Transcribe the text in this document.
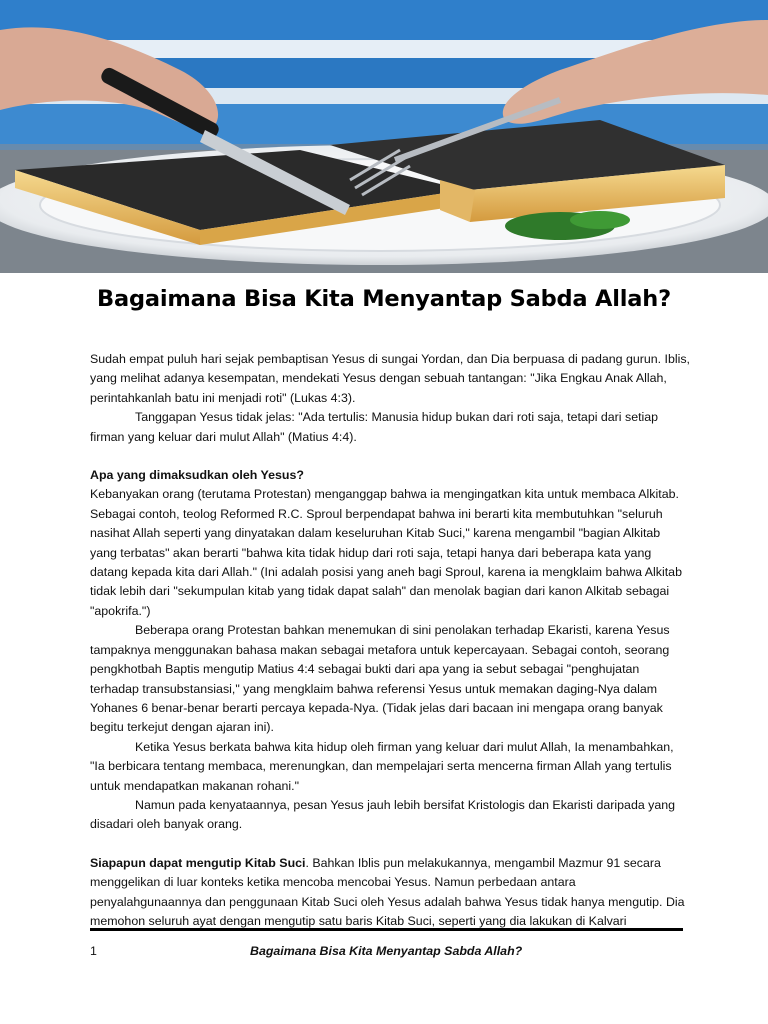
Bagaimana Bisa Kita Menyantap Sabda Allah?

Sudah empat puluh hari sejak pembaptisan Yesus di sungai Yordan, dan Dia berpuasa di padang gurun. Iblis, yang melihat adanya kesempatan, mendekati Yesus dengan sebuah tantangan: "Jika Engkau Anak Allah, perintahkanlah batu ini menjadi roti" (Lukas 4:3).

Tanggapan Yesus tidak jelas: "Ada tertulis: Manusia hidup bukan dari roti saja, tetapi dari setiap firman yang keluar dari mulut Allah" (Matius 4:4).

Apa yang dimaksudkan oleh Yesus?

Kebanyakan orang (terutama Protestan) menganggap bahwa ia mengingatkan kita untuk membaca Alkitab. Sebagai contoh, teolog Reformed R.C. Sproul berpendapat bahwa ini berarti kita membutuhkan "seluruh nasihat Allah seperti yang dinyatakan dalam keseluruhan Kitab Suci," karena mengambil "bagian Alkitab yang terbatas" akan berarti "bahwa kita tidak hidup dari roti saja, tetapi hanya dari beberapa kata yang datang kepada kita dari Allah." (Ini adalah posisi yang aneh bagi Sproul, karena ia mengklaim bahwa Alkitab tidak lebih dari "sekumpulan kitab yang tidak dapat salah" dan menolak bagian dari kanon Alkitab sebagai "apokrifa.")

Beberapa orang Protestan bahkan menemukan di sini penolakan terhadap Ekaristi, karena Yesus tampaknya menggunakan bahasa makan sebagai metafora untuk kepercayaan. Sebagai contoh, seorang pengkhotbah Baptis mengutip Matius 4:4 sebagai bukti dari apa yang ia sebut sebagai "penghujatan terhadap transubstansiasi," yang mengklaim bahwa referensi Yesus untuk memakan daging-Nya dalam Yohanes 6 benar-benar berarti percaya kepada-Nya. (Tidak jelas dari bacaan ini mengapa orang banyak begitu terkejut dengan ajaran ini).

Ketika Yesus berkata bahwa kita hidup oleh firman yang keluar dari mulut Allah, Ia menambahkan, "Ia berbicara tentang membaca, merenungkan, dan mempelajari serta mencerna firman Allah yang tertulis untuk mendapatkan makanan rohani."

Namun pada kenyataannya, pesan Yesus jauh lebih bersifat Kristologis dan Ekaristi daripada yang disadari oleh banyak orang.

Siapapun dapat mengutip Kitab Suci. Bahkan Iblis pun melakukannya, mengambil Mazmur 91 secara menggelikan di luar konteks ketika mencoba mencobai Yesus. Namun perbedaan antara penyalahgunaannya dan penggunaan Kitab Suci oleh Yesus adalah bahwa Yesus tidak hanya mengutip. Dia memohon seluruh ayat dengan mengutip satu baris Kitab Suci, seperti yang dia lakukan di Kalvari

1	Bagaimana Bisa Kita Menyantap Sabda Allah?
